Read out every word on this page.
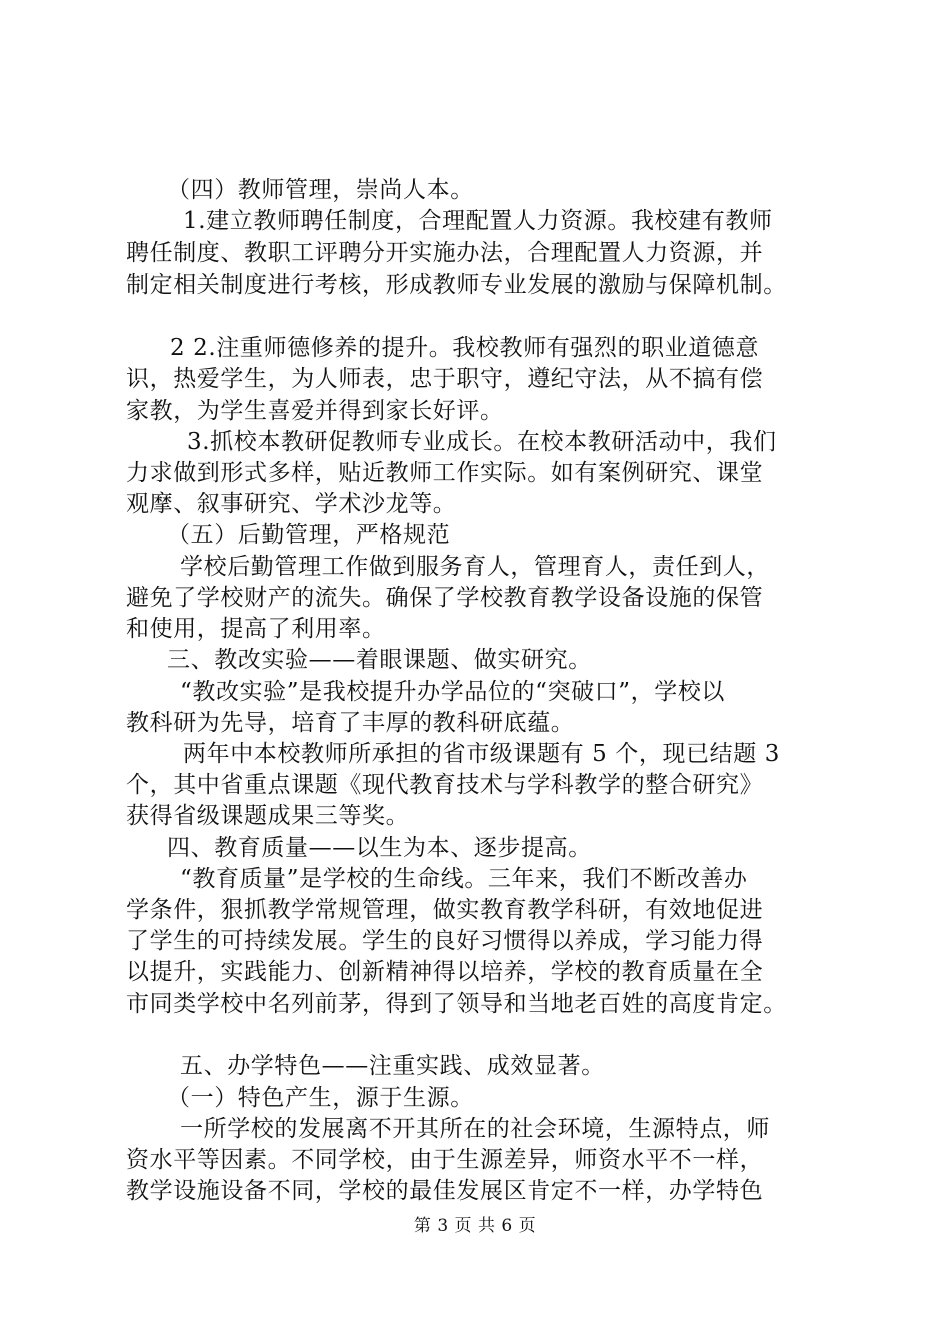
（四）教师管理，崇尚人本。
1.建立教师聘任制度，合理配置人力资源。我校建有教师
聘任制度、教职工评聘分开实施办法，合理配置人力资源，并
制定相关制度进行考核，形成教师专业发展的激励与保障机制。
2 2.注重师德修养的提升。我校教师有强烈的职业道德意
识，热爱学生，为人师表，忠于职守，遵纪守法，从不搞有偿
家教，为学生喜爱并得到家长好评。
3.抓校本教研促教师专业成长。在校本教研活动中，我们
力求做到形式多样，贴近教师工作实际。如有案例研究、课堂
观摩、叙事研究、学术沙龙等。
（五）后勤管理，严格规范
学校后勤管理工作做到服务育人，管理育人，责任到人，
避免了学校财产的流失。确保了学校教育教学设备设施的保管
和使用，提高了利用率。
三、教改实验——着眼课题、做实研究。
“教改实验”是我校提升办学品位的“突破口”，学校以
教科研为先导，培育了丰厚的教科研底蕴。
两年中本校教师所承担的省市级课题有 5 个，现已结题 3
个，其中省重点课题《现代教育技术与学科教学的整合研究》
获得省级课题成果三等奖。
四、教育质量——以生为本、逐步提高。
“教育质量”是学校的生命线。三年来，我们不断改善办
学条件，狠抓教学常规管理，做实教育教学科研，有效地促进
了学生的可持续发展。学生的良好习惯得以养成，学习能力得
以提升，实践能力、创新精神得以培养，学校的教育质量在全
市同类学校中名列前茅，得到了领导和当地老百姓的高度肯定。
五、办学特色——注重实践、成效显著。
（一）特色产生，源于生源。
一所学校的发展离不开其所在的社会环境，生源特点，师
资水平等因素。不同学校，由于生源差异，师资水平不一样，
教学设施设备不同，学校的最佳发展区肯定不一样，办学特色
第 3 页 共 6 页
